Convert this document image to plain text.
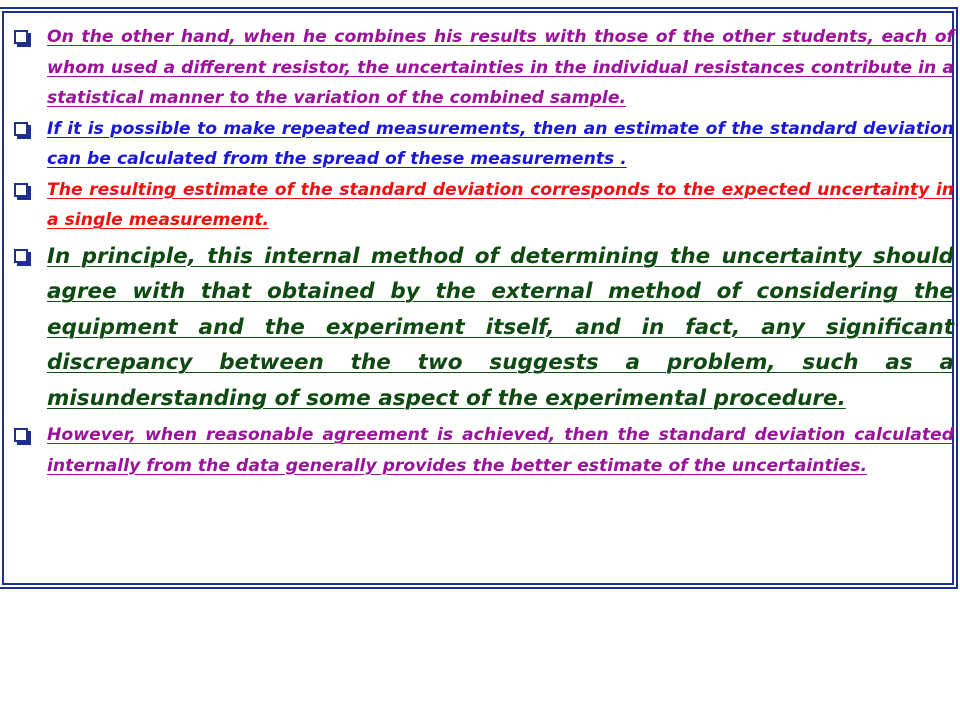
On the other hand, when he combines his results with those of the other students, each of whom used a different resistor, the uncertainties in the individual resistances contribute in a statistical manner to the variation of the combined sample.
If it is possible to make repeated measurements, then an estimate of the standard deviation can be calculated from the spread of these measurements .
The resulting estimate of the standard deviation corresponds to the expected uncertainty in a single measurement.
In principle, this internal method of determining the uncertainty should agree with that obtained by the external method of considering the equipment and the experiment itself, and in fact, any significant discrepancy between the two suggests a problem, such as a misunderstanding of some aspect of the experimental procedure.
However, when reasonable agreement is achieved, then the standard deviation calculated internally from the data generally provides the better estimate of the uncertainties.
